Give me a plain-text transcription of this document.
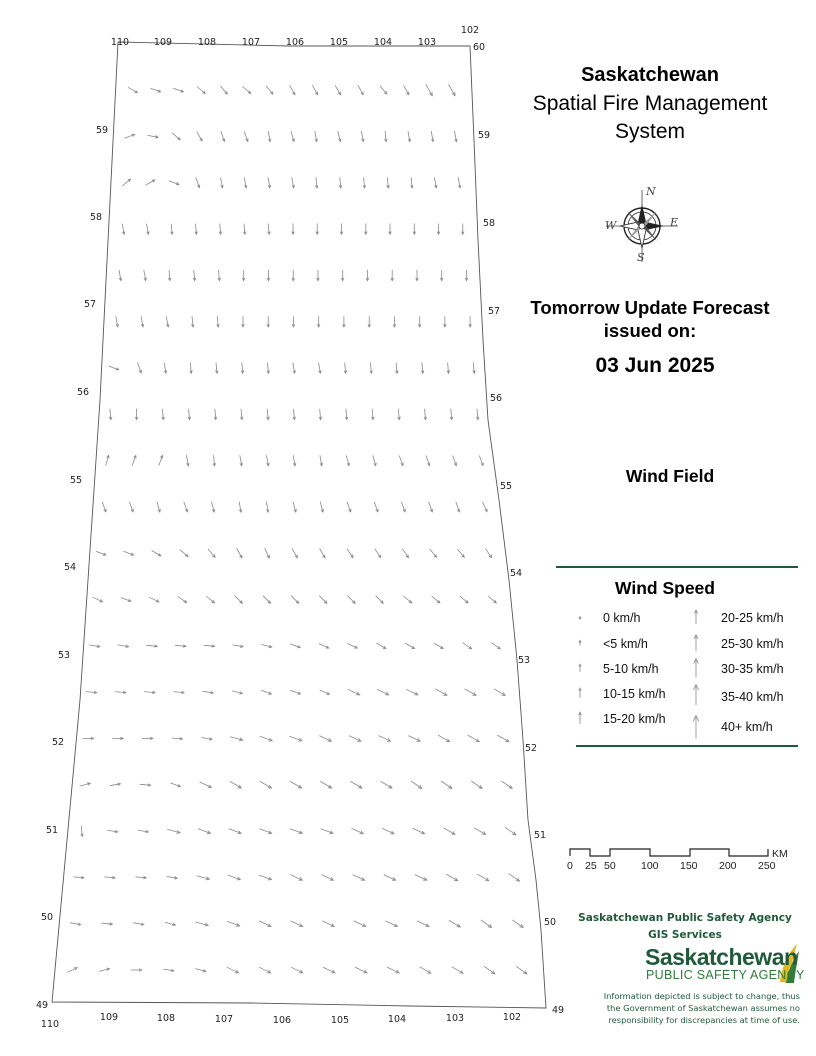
110	109	108	107	106	105	104	103
102
110
109	108	107	106	105	104	103	102
60
59	59
58
58
57
57
56
56
55
55
54
54
53	53
52
52
51	51
50	50
49	49
N
E
S
W
Saskatchewan
Spatial Fire Management
System
Tomorrow Update Forecast
issued on:
03 Jun 2025
Wind Field
Wind Speed
0 km/h
<5 km/h
5-10 km/h
10-15 km/h
15-20 km/h
20-25 km/h
25-30 km/h
30-35 km/h
35-40 km/h
40+ km/h
0 25 50 100 150 200 250
KM
Saskatchewan Public Safety Agency
GIS Services
Saskatchewan
PUBLIC SAFETY AGENCY
Information depicted is subject to change, thus
the Government of Saskatchewan assumes no
responsibility for discrepancies at time of use.
